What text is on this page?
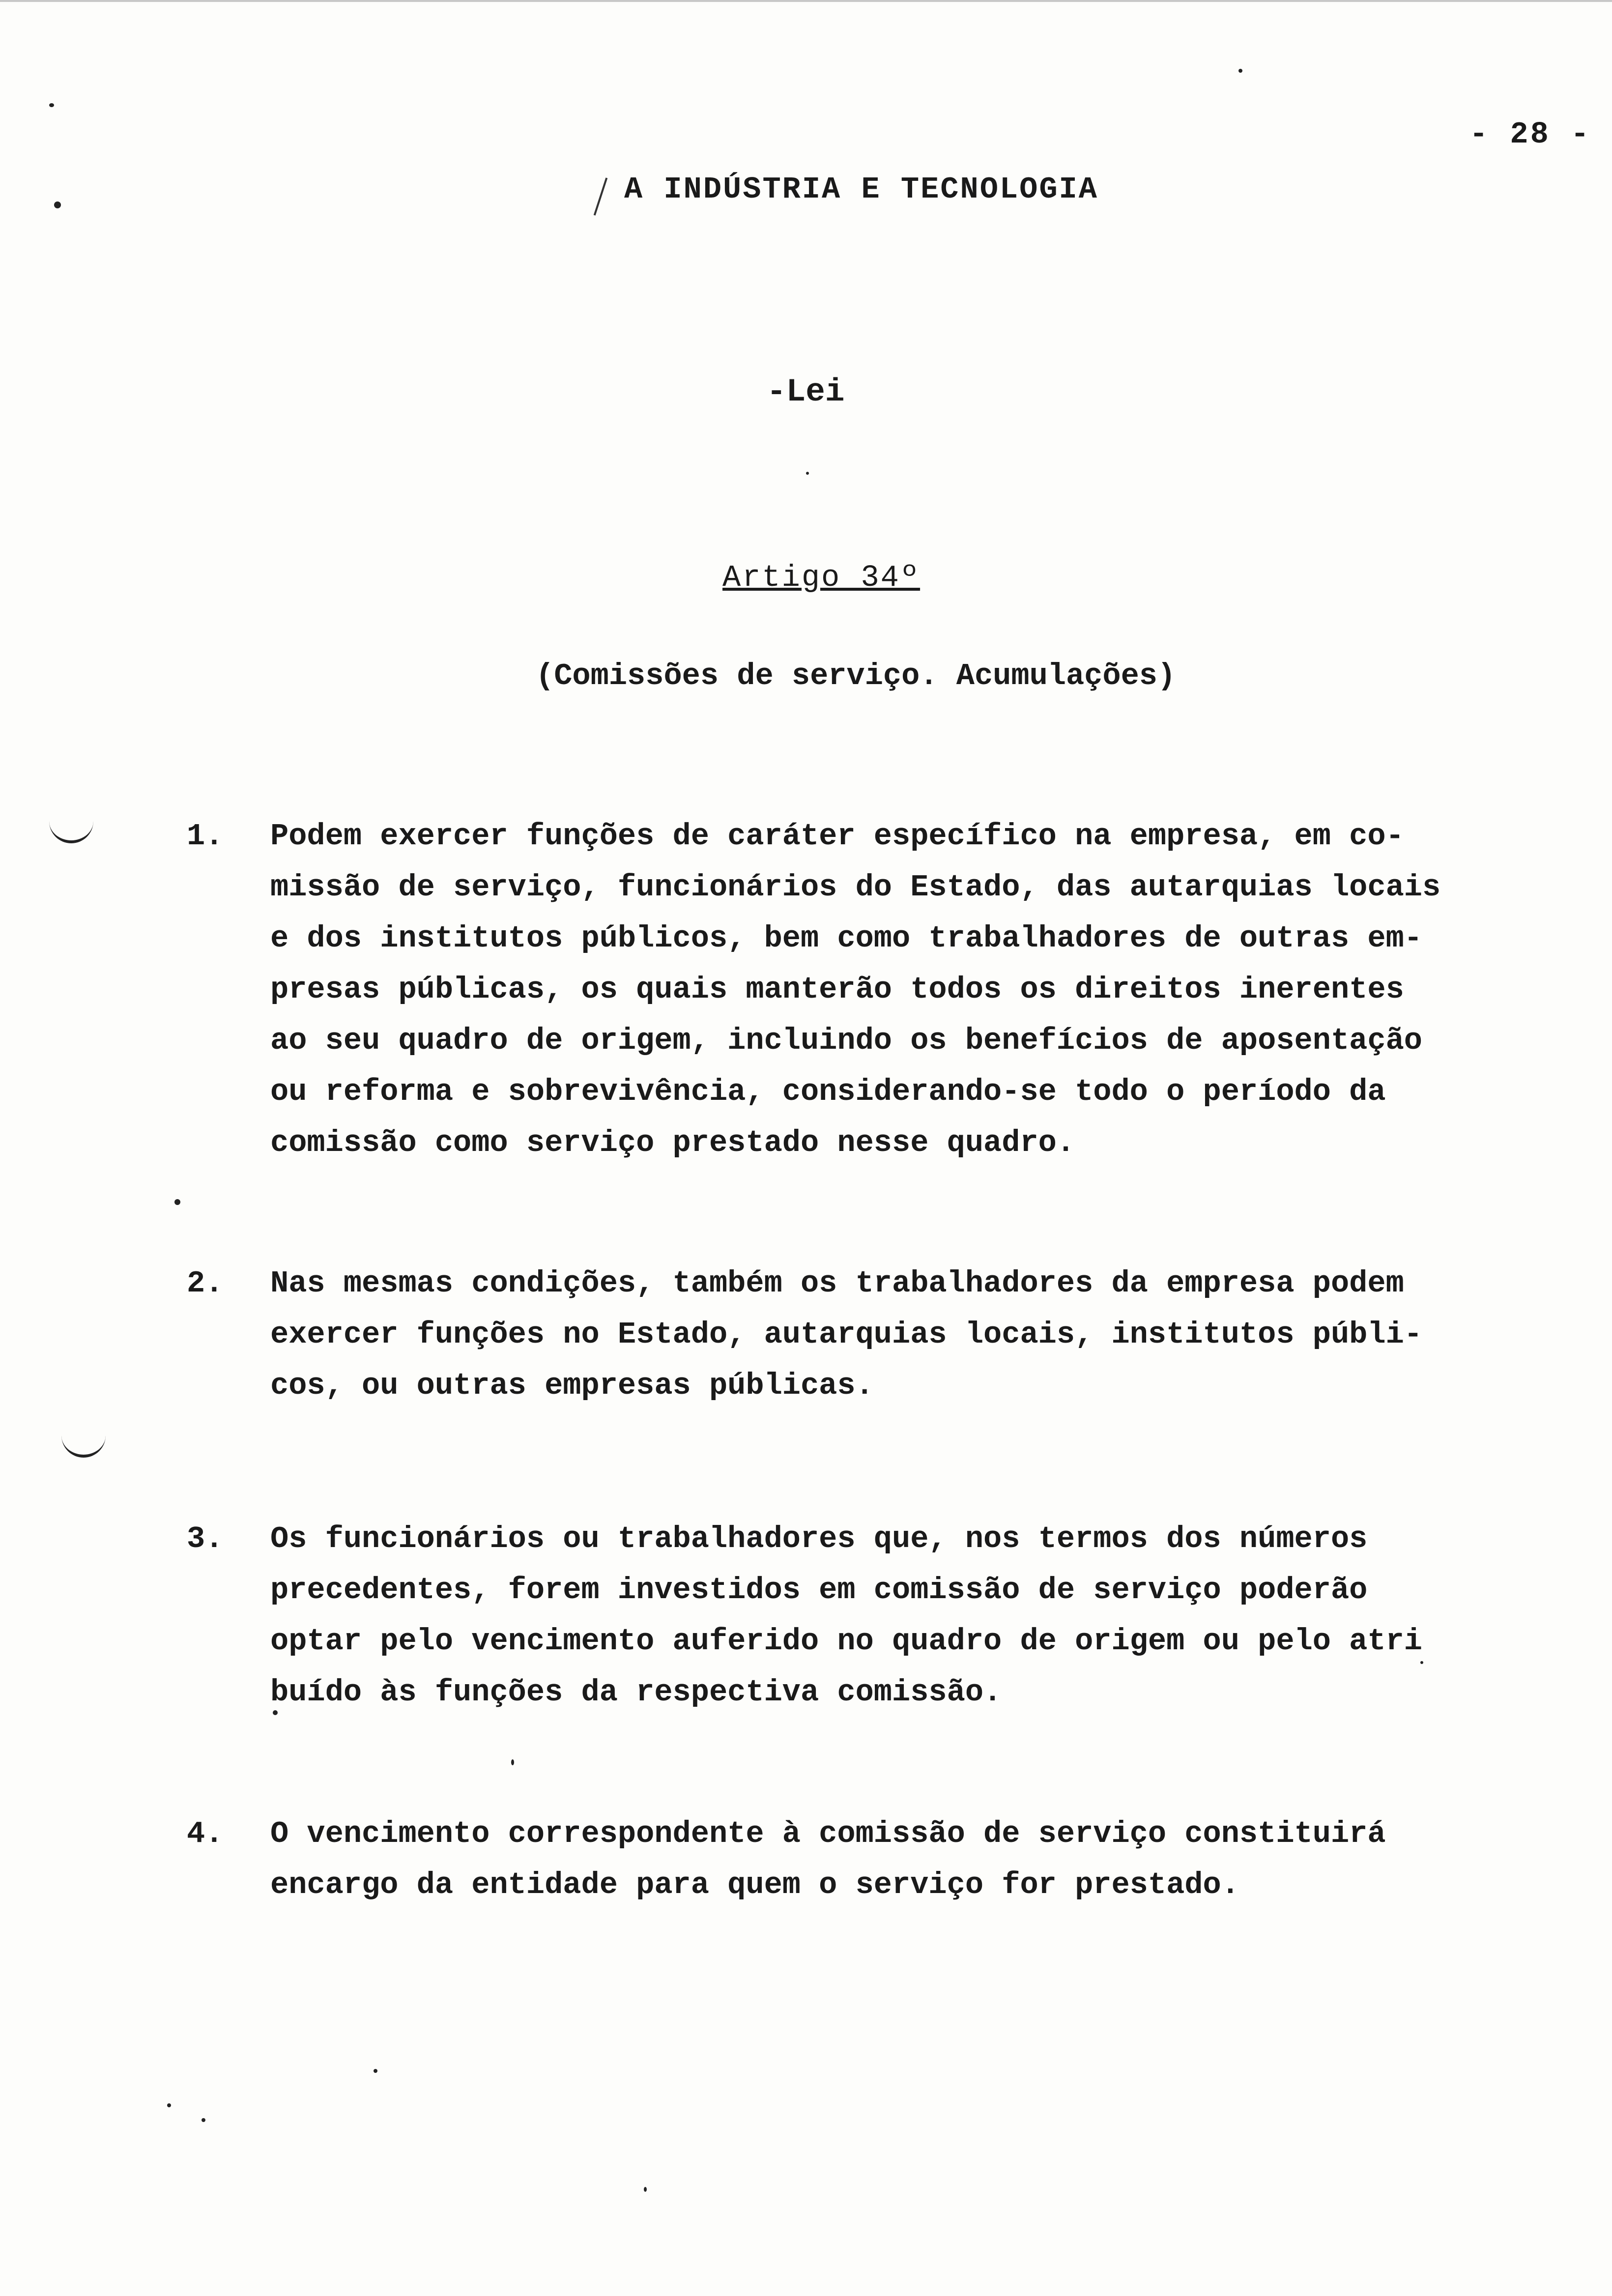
- 28 -
A INDÚSTRIA E TECNOLOGIA
-Lei
Artigo 34º
(Comissões de serviço. Acumulações)
1.	Podem exercer funções de caráter específico na empresa, em co-
missão de serviço, funcionários do Estado, das autarquias locais
e dos institutos públicos, bem como trabalhadores de outras em-
presas públicas, os quais manterão todos os direitos inerentes
ao seu quadro de origem, incluindo os benefícios de aposentação
ou reforma e sobrevivência, considerando-se todo o período da
comissão como serviço prestado nesse quadro.
2.	Nas mesmas condições, também os trabalhadores da empresa podem
exercer funções no Estado, autarquias locais, institutos públi-
cos, ou outras empresas públicas.
3.	Os funcionários ou trabalhadores que, nos termos dos números
precedentes, forem investidos em comissão de serviço poderão
optar pelo vencimento auferido no quadro de origem ou pelo atri
buído às funções da respectiva comissão.
4.	O vencimento correspondente à comissão de serviço constituirá
encargo da entidade para quem o serviço for prestado.
